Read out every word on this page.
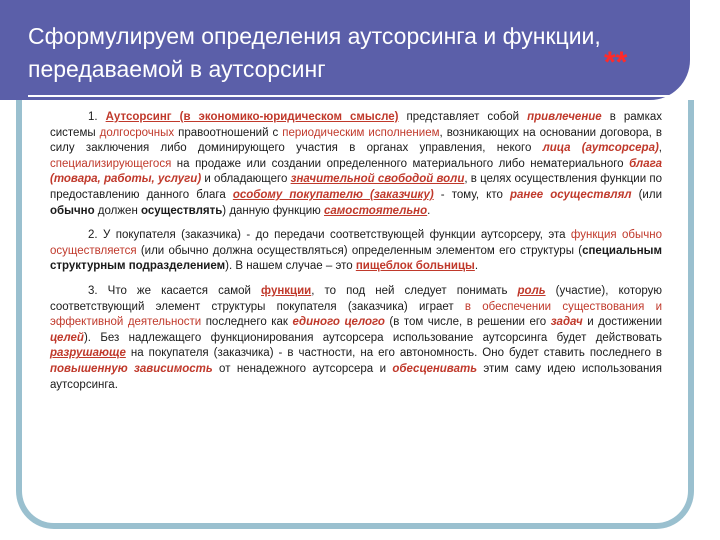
Сформулируем определения аутсорсинга и функции, передаваемой в аутсорсинг	**

1. Аутсорсинг (в экономико-юридическом смысле) представляет собой привлечение в рамках системы долгосрочных правоотношений с периодическим исполнением, возникающих на основании договора, в силу заключения либо доминирующего участия в органах управления, некого лица (аутсорсера), специализирующегося на продаже или создании определенного материального либо нематериального блага (товара, работы, услуги) и обладающего значительной свободой воли, в целях осуществления функции по предоставлению данного блага особому покупателю (заказчику) - тому, кто ранее осуществлял (или обычно должен осуществлять) данную функцию самостоятельно.

2. У покупателя (заказчика) - до передачи соответствующей функции аутсорсеру, эта функция обычно осуществляется (или обычно должна осуществляться) определенным элементом его структуры (специальным структурным подразделением). В нашем случае – это пищеблок больницы.

3. Что же касается самой функции, то под ней следует понимать роль (участие), которую соответствующий элемент структуры покупателя (заказчика) играет в обеспечении существования и эффективной деятельности последнего как единого целого (в том числе, в решении его задач и достижении целей). Без надлежащего функционирования аутсорсера использование аутсорсинга будет действовать разрушающе на покупателя (заказчика) - в частности, на его автономность. Оно будет ставить последнего в повышенную зависимость от ненадежного аутсорсера и обесценивать этим саму идею использования аутсорсинга.
